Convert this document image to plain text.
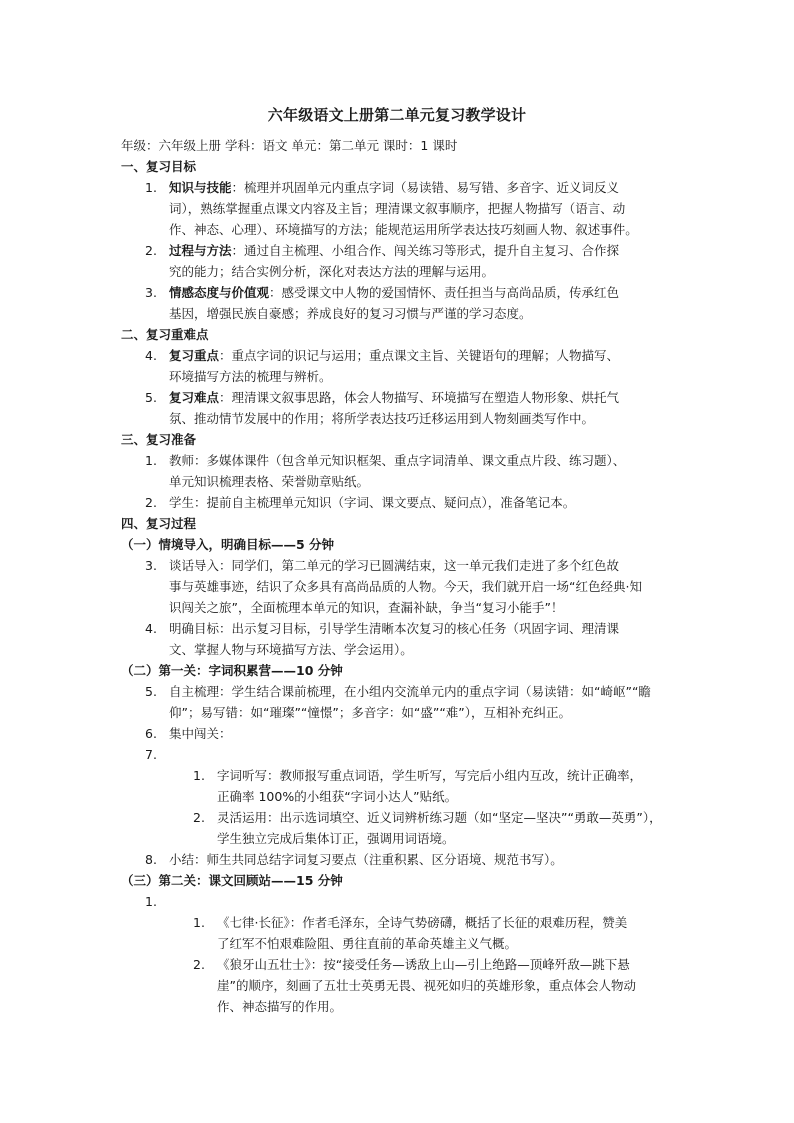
六年级语文上册第二单元复习教学设计
年级：六年级上册 学科：语文 单元：第二单元 课时：1 课时
一、复习目标
1. 知识与技能：梳理并巩固单元内重点字词（易读错、易写错、多音字、近义词反义
词），熟练掌握重点课文内容及主旨；理清课文叙事顺序，把握人物描写（语言、动
作、神态、心理）、环境描写的方法；能规范运用所学表达技巧刻画人物、叙述事件。
2. 过程与方法：通过自主梳理、小组合作、闯关练习等形式，提升自主复习、合作探
究的能力；结合实例分析，深化对表达方法的理解与运用。
3. 情感态度与价值观：感受课文中人物的爱国情怀、责任担当与高尚品质，传承红色
基因，增强民族自豪感；养成良好的复习习惯与严谨的学习态度。
二、复习重难点
4. 复习重点：重点字词的识记与运用；重点课文主旨、关键语句的理解；人物描写、
环境描写方法的梳理与辨析。
5. 复习难点：理清课文叙事思路，体会人物描写、环境描写在塑造人物形象、烘托气
氛、推动情节发展中的作用；将所学表达技巧迁移运用到人物刻画类写作中。
三、复习准备
1. 教师：多媒体课件（包含单元知识框架、重点字词清单、课文重点片段、练习题）、
单元知识梳理表格、荣誉勋章贴纸。
2. 学生：提前自主梳理单元知识（字词、课文要点、疑问点），准备笔记本。
四、复习过程
（一）情境导入，明确目标——5 分钟
3. 谈话导入：同学们，第二单元的学习已圆满结束，这一单元我们走进了多个红色故
事与英雄事迹，结识了众多具有高尚品质的人物。今天，我们就开启一场“红色经典·知
识闯关之旅”，全面梳理本单元的知识，查漏补缺，争当“复习小能手”！
4. 明确目标：出示复习目标，引导学生清晰本次复习的核心任务（巩固字词、理清课
文、掌握人物与环境描写方法、学会运用）。
（二）第一关：字词积累营——10 分钟
5. 自主梳理：学生结合课前梳理，在小组内交流单元内的重点字词（易读错：如“崎岖”“瞻
仰”；易写错：如“璀璨”“憧憬”；多音字：如“盛”“难”），互相补充纠正。
6. 集中闯关：
7.
1. 字词听写：教师报写重点词语，学生听写，写完后小组内互改，统计正确率，
正确率 100%的小组获“字词小达人”贴纸。
2. 灵活运用：出示选词填空、近义词辨析练习题（如“坚定—坚决”“勇敢—英勇”），
学生独立完成后集体订正，强调用词语境。
8. 小结：师生共同总结字词复习要点（注重积累、区分语境、规范书写）。
（三）第二关：课文回顾站——15 分钟
1.
1. 《七律·长征》：作者毛泽东，全诗气势磅礴，概括了长征的艰难历程，赞美
了红军不怕艰难险阻、勇往直前的革命英雄主义气概。
2. 《狼牙山五壮士》：按“接受任务—诱敌上山—引上绝路—顶峰歼敌—跳下悬
崖”的顺序，刻画了五壮士英勇无畏、视死如归的英雄形象，重点体会人物动
作、神态描写的作用。
